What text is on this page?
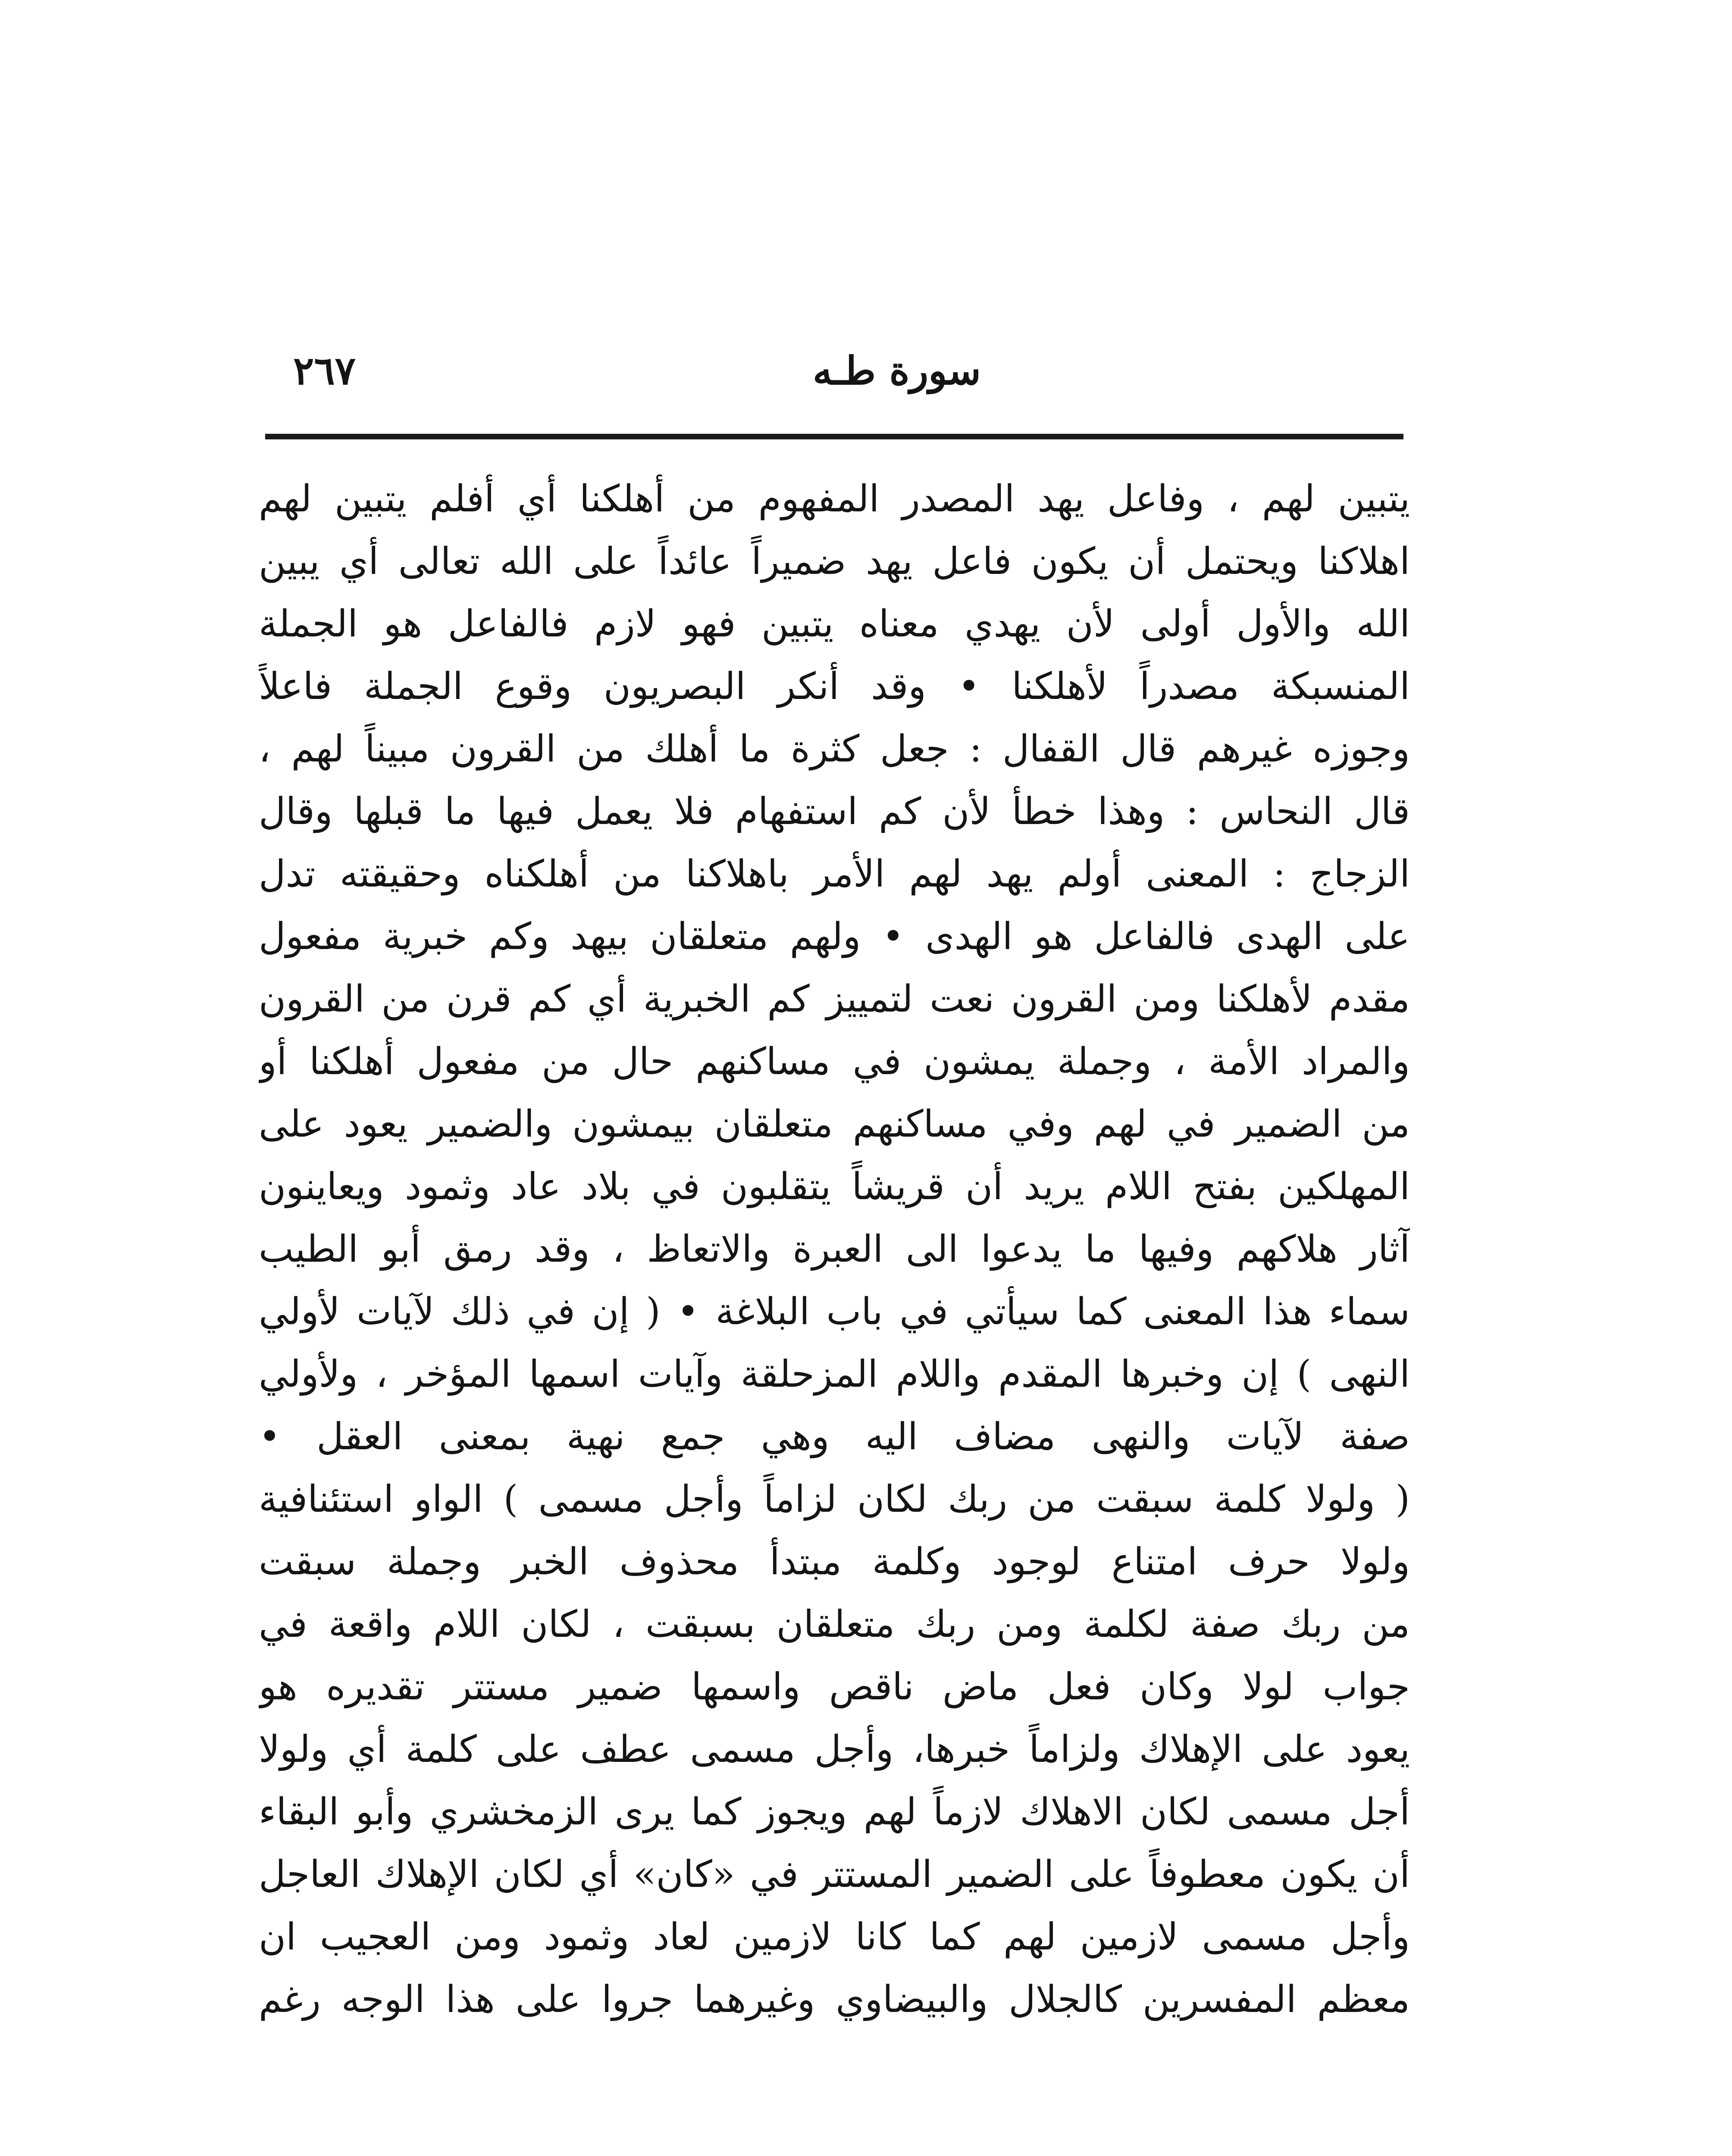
سورة طـه
٢٦٧
يتبين لهم ، وفاعل يهد المصدر المفهوم من أهلكنا أي أفلم يتبين لهم
اهلاكنا ويحتمل أن يكون فاعل يهد ضميراً عائداً على الله تعالى أي يبين
الله والأول أولى لأن يهدي معناه يتبين فهو لازم فالفاعل هو الجملة
المنسبكة مصدراً لأهلكنا • وقد أنكر البصريون وقوع الجملة فاعلاً
وجوزه غيرهم قال القفال : جعل كثرة ما أهلك من القرون مبيناً لهم ،
قال النحاس : وهذا خطأ لأن كم استفهام فلا يعمل فيها ما قبلها وقال
الزجاج : المعنى أولم يهد لهم الأمر باهلاكنا من أهلكناه وحقيقته تدل
على الهدى فالفاعل هو الهدى • ولهم متعلقان بيهد وكم خبرية مفعول
مقدم لأهلكنا ومن القرون نعت لتمييز كم الخبرية أي كم قرن من القرون
والمراد الأمة ، وجملة يمشون في مساكنهم حال من مفعول أهلكنا أو
من الضمير في لهم وفي مساكنهم متعلقان بيمشون والضمير يعود على
المهلكين بفتح اللام يريد أن قريشاً يتقلبون في بلاد عاد وثمود ويعاينون
آثار هلاكهم وفيها ما يدعوا الى العبرة والاتعاظ ، وقد رمق أبو الطيب
سماء هذا المعنى كما سيأتي في باب البلاغة • ( إن في ذلك لآيات لأولي
النهى ) إن وخبرها المقدم واللام المزحلقة وآيات اسمها المؤخر ، ولأولي
صفة لآيات والنهى مضاف اليه وهي جمع نهية بمعنى العقل •
( ولولا كلمة سبقت من ربك لكان لزاماً وأجل مسمى ) الواو استئنافية
ولولا حرف امتناع لوجود وكلمة مبتدأ محذوف الخبر وجملة سبقت
من ربك صفة لكلمة ومن ربك متعلقان بسبقت ، لكان اللام واقعة في
جواب لولا وكان فعل ماض ناقص واسمها ضمير مستتر تقديره هو
يعود على الإهلاك ولزاماً خبرها، وأجل مسمى عطف على كلمة أي ولولا
أجل مسمى لكان الاهلاك لازماً لهم ويجوز كما يرى الزمخشري وأبو البقاء
أن يكون معطوفاً على الضمير المستتر في «كان» أي لكان الإهلاك العاجل
وأجل مسمى لازمين لهم كما كانا لازمين لعاد وثمود ومن العجيب ان
معظم المفسرين كالجلال والبيضاوي وغيرهما جروا على هذا الوجه رغم
